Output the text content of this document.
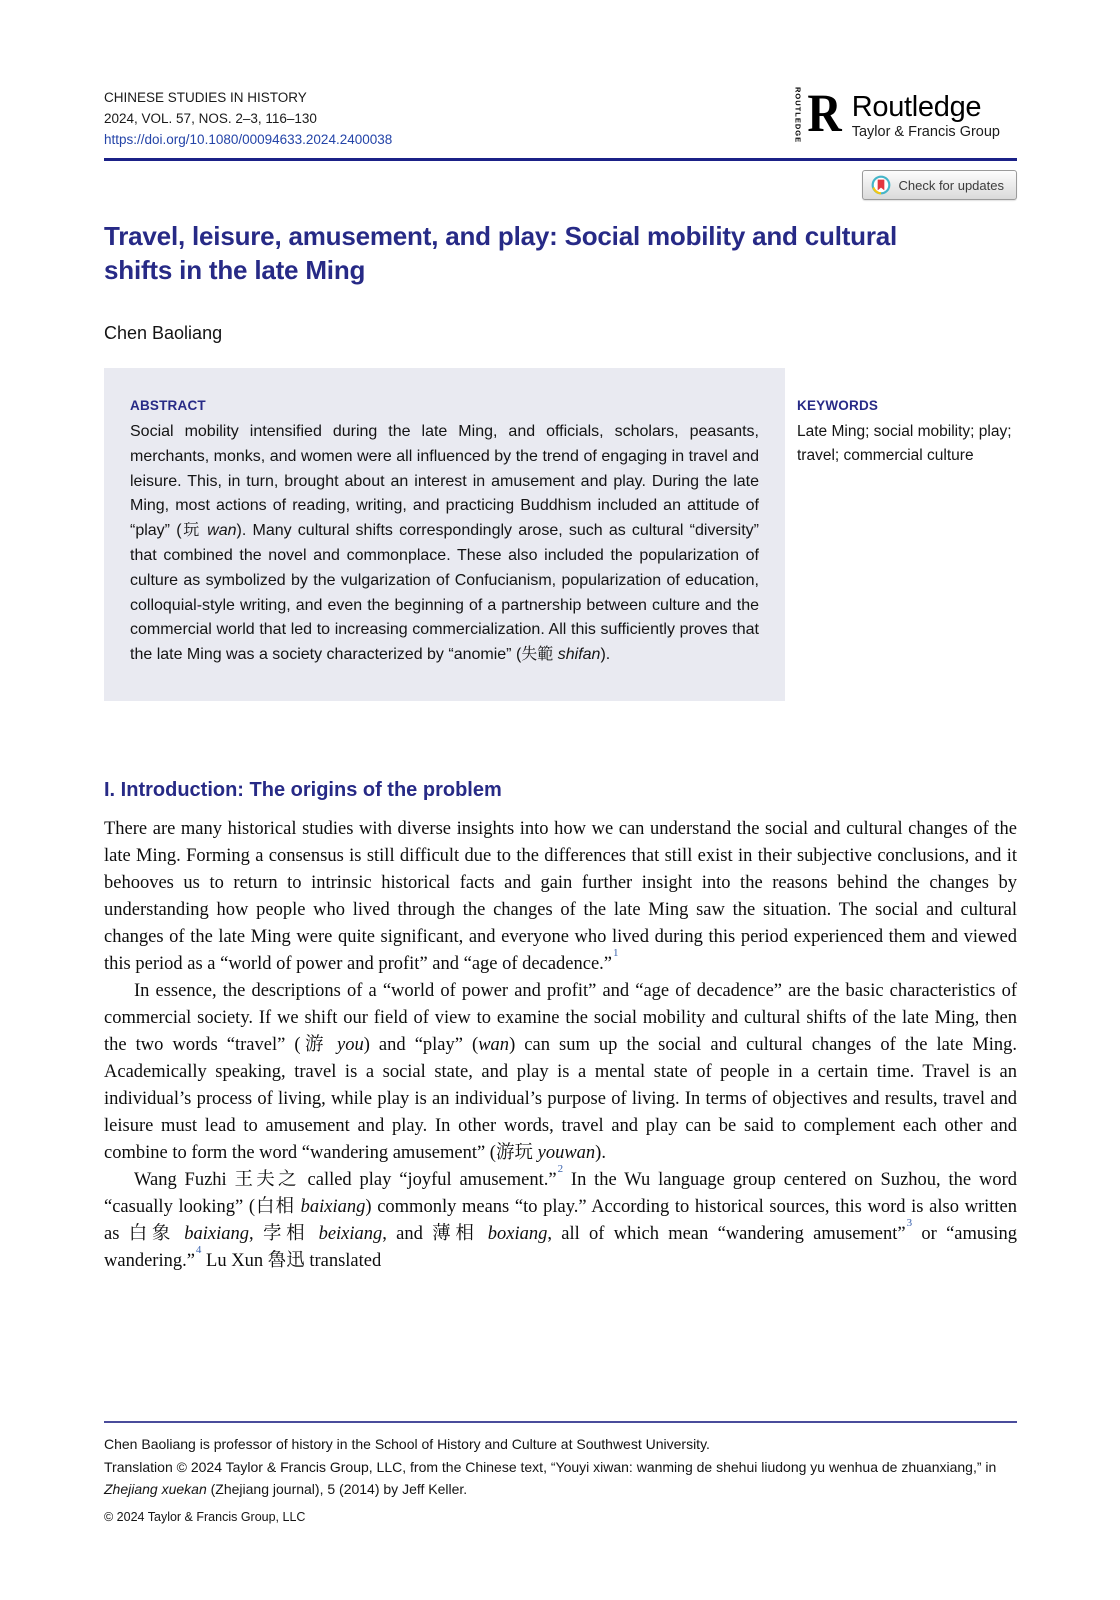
CHINESE STUDIES IN HISTORY
2024, VOL. 57, NOS. 2–3, 116–130
https://doi.org/10.1080/00094633.2024.2400038	ROUTLEDGE R Routledge
Taylor & Francis Group
Check for updates
Travel, leisure, amusement, and play: Social mobility and cultural shifts in the late Ming
Chen Baoliang
ABSTRACT

Social mobility intensified during the late Ming, and officials, scholars, peasants, merchants, monks, and women were all influenced by the trend of engaging in travel and leisure. This, in turn, brought about an interest in amusement and play. During the late Ming, most actions of reading, writing, and practicing Buddhism included an attitude of “play” (玩 wan). Many cultural shifts correspondingly arose, such as cultural “diversity” that combined the novel and commonplace. These also included the popularization of culture as symbolized by the vulgarization of Confucianism, popularization of education, colloquial-style writing, and even the beginning of a partnership between culture and the commercial world that led to increasing commercialization. All this sufficiently proves that the late Ming was a society characterized by “anomie” (失範 shifan).

KEYWORDS

Late Ming; social mobility; play; travel; commercial culture

I. Introduction: The origins of the problem

There are many historical studies with diverse insights into how we can understand the social and cultural changes of the late Ming. Forming a consensus is still difficult due to the differences that still exist in their subjective conclusions, and it behooves us to return to intrinsic historical facts and gain further insight into the reasons behind the changes by understanding how people who lived through the changes of the late Ming saw the situation. The social and cultural changes of the late Ming were quite significant, and everyone who lived during this period experienced them and viewed this period as a “world of power and profit” and “age of decadence.”$^1$

In essence, the descriptions of a “world of power and profit” and “age of decadence” are the basic characteristics of commercial society. If we shift our field of view to examine the social mobility and cultural shifts of the late Ming, then the two words “travel” (游 you) and “play” (wan) can sum up the social and cultural changes of the late Ming. Academically speaking, travel is a social state, and play is a mental state of people in a certain time. Travel is an individual’s process of living, while play is an individual’s purpose of living. In terms of objectives and results, travel and leisure must lead to amusement and play. In other words, travel and play can be said to complement each other and combine to form the word “wandering amusement” (游玩 youwan).

Wang Fuzhi 王夫之 called play “joyful amusement.”$^2$ In the Wu language group centered on Suzhou, the word “casually looking” (白相 baixiang) commonly means “to play.” According to historical sources, this word is also written as 白象 baixiang, 孛相 beixiang, and 薄相 boxiang, all of which mean “wandering amusement”$^3$ or “amusing wandering.”$^4$ Lu Xun 魯迅 translated

Chen Baoliang is professor of history in the School of History and Culture at Southwest University.

Translation © 2024 Taylor & Francis Group, LLC, from the Chinese text, “Youyi xiwan: wanming de shehui liudong yu wenhua de zhuanxiang,” in Zhejiang xuekan (Zhejiang journal), 5 (2014) by Jeff Keller.

© 2024 Taylor & Francis Group, LLC
